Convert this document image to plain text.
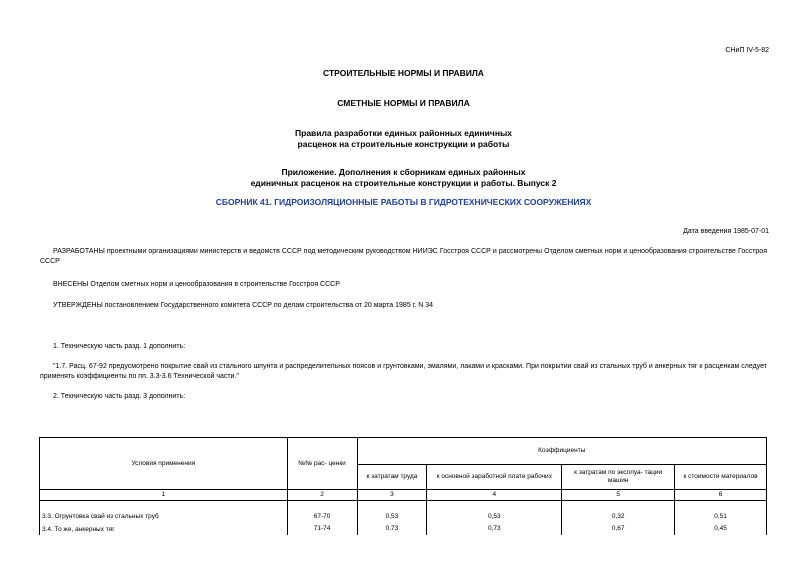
СНиП IV-5-82
СТРОИТЕЛЬНЫЕ НОРМЫ И ПРАВИЛА
СМЕТНЫЕ НОРМЫ И ПРАВИЛА
Правила разработки единых районных единичных
расценок на строительные конструкции и работы
Приложение. Дополнения к сборникам единых районных
единичных расценок на строительные конструкции и работы. Выпуск 2
СБОРНИК 41. ГИДРОИЗОЛЯЦИОННЫЕ РАБОТЫ В ГИДРОТЕХНИЧЕСКИХ СООРУЖЕНИЯХ
Дата введения 1985-07-01
РАЗРАБОТАНЫ проектными организациями министерств и ведомств СССР под методическим руководством НИИЭС Госстроя СССР и рассмотрены Отделом сметных норм и ценообразования строительстве Госстроя СССР
ВНЕСЕНЫ Отделом сметных норм и ценообразования в строительстве Госстроя СССР
УТВЕРЖДЕНЫ постановлением Государственного комитета СССР по делам строительства от 20 марта 1985 г. N 34
1. Техническую часть разд. 1 дополнить:
"1.7. Расц. 67-92 предусмотрено покрытие свай из стального шпунта и распределительных поясов и грунтовками, эмалями, лаками и красками. При покрытии свай из стальных труб и анкерных тяг к расценкам следует применять коэффициенты по пп. 3.3-3.6 Технической части."
2. Техническую часть разд. 3 дополнить:
Условия применения	№№ рас- ценки	Коэффициенты			
		к затратам труда	к основной заработной плате рабочих	к затратам по эксплуа- тации машин	к стоимости материалов
1	2	3	4	5	6
3.3. Огрунтовка свай из стальных труб	67-70	0,53	0,53	0,32	0,51
3.4. То же, анкерных тяг	71-74	0,73	0,73	0,67	0,45
